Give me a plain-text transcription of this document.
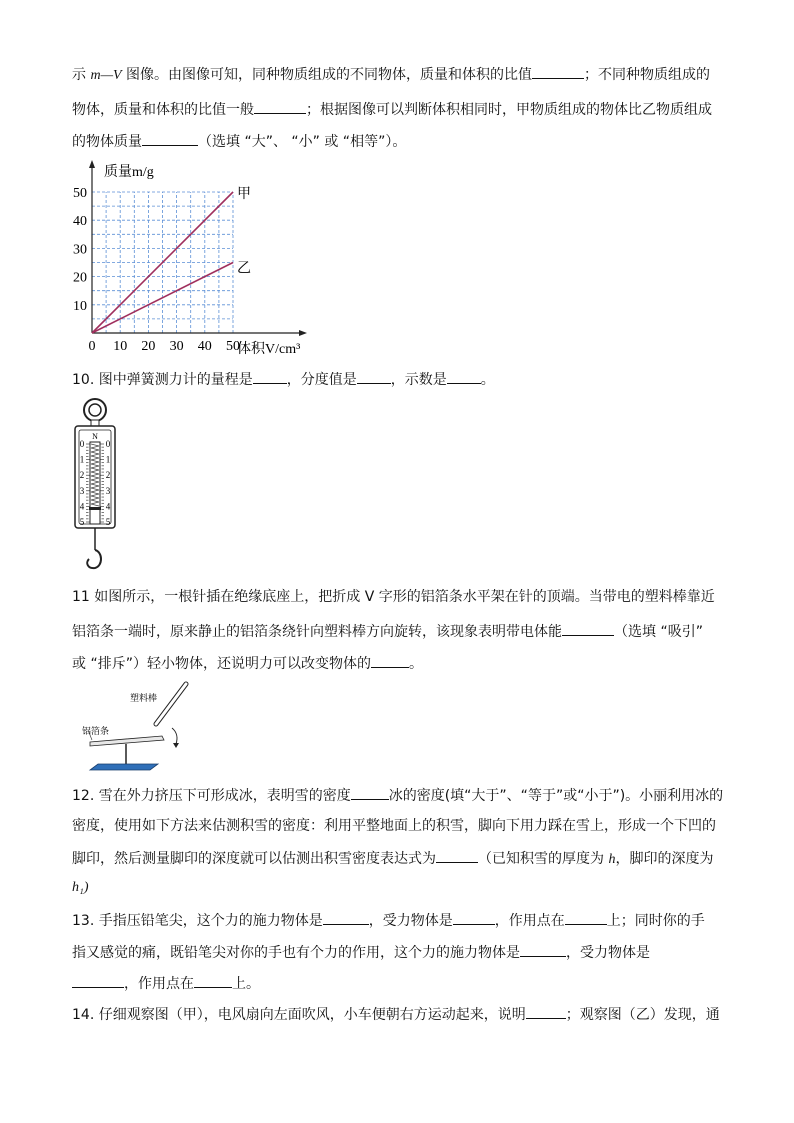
示 m—V 图像。由图像可知，同种物质组成的不同物体，质量和体积的比值	；不同种物质组成的
物体，质量和体积的比值一般	；根据图像可以判断体积相同时，甲物质组成的物体比乙物质组成
的物体质量	（选填 “大”、 “小” 或 “相等”）。
0 10 20 30 40 50
10
20
30
40
50	甲
乙
质量m/g
体积V/cm³
10. 图中弹簧测力计的量程是 ，分度值是 ，示数是 。
N
0 0
1 1
2 2
3 3
4 4
5 5
11 如图所示，一根针插在绝缘底座上，把折成 V 字形的铝箔条水平架在针的顶端。当带电的塑料棒靠近
铝箔条一端时，原来静止的铝箔条绕针向塑料棒方向旋转，该现象表明带电体能	（选填 “吸引”
或 “排斥”）轻小物体，还说明力可以改变物体的	。
塑料棒
铝箔条
12. 雪在外力挤压下可形成冰，表明雪的密度	冰的密度(填“大于”、“等于”或“小于”)。小丽利用冰的
密度，使用如下方法来估测积雪的密度：利用平整地面上的积雪，脚向下用力踩在雪上，形成一个下凹的
脚印，然后测量脚印的深度就可以估测出积雪密度表达式为	（已知积雪的厚度为 h，脚印的深度为
h₁)
13. 手指压铅笔尖，这个力的施力物体是	，受力物体是	，作用点在	上；同时你的手
指又感觉的痛，既铅笔尖对你的手也有个力的作用，这个力的施力物体是	，受力物体是
，作用点在	上。
14. 仔细观察图（甲），电风扇向左面吹风，小车便朝右方运动起来，说明	；观察图（乙）发现，通
